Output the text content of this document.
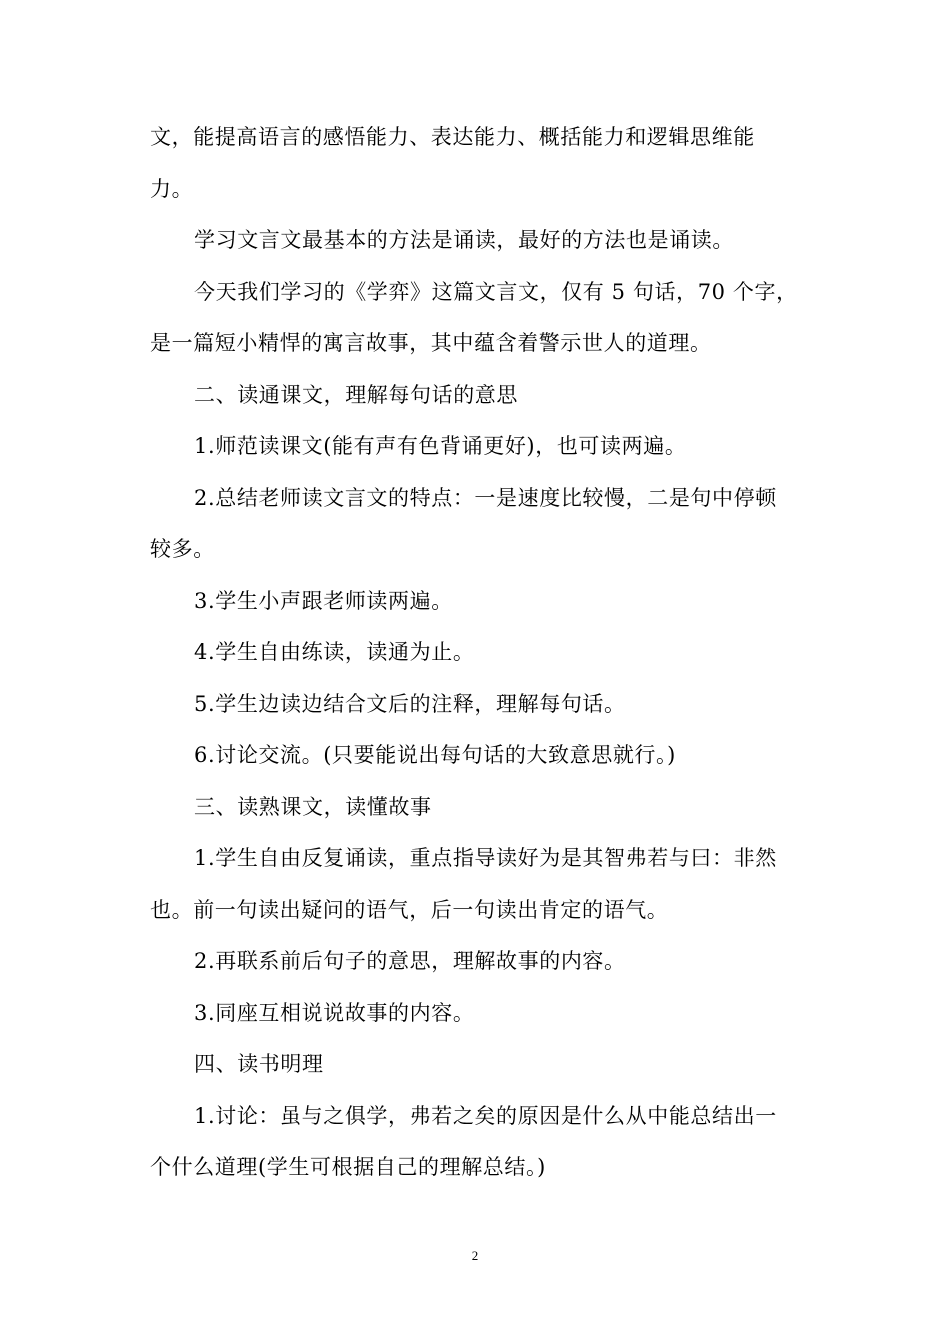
文，能提高语言的感悟能力、表达能力、概括能力和逻辑思维能
力。
学习文言文最基本的方法是诵读，最好的方法也是诵读。
今天我们学习的《学弈》这篇文言文，仅有 5 句话，70 个字，
是一篇短小精悍的寓言故事，其中蕴含着警示世人的道理。
二、读通课文，理解每句话的意思
1.师范读课文(能有声有色背诵更好)，也可读两遍。
2.总结老师读文言文的特点：一是速度比较慢，二是句中停顿
较多。
3.学生小声跟老师读两遍。
4.学生自由练读，读通为止。
5.学生边读边结合文后的注释，理解每句话。
6.讨论交流。(只要能说出每句话的大致意思就行。)
三、读熟课文，读懂故事
1.学生自由反复诵读，重点指导读好为是其智弗若与曰：非然
也。前一句读出疑问的语气，后一句读出肯定的语气。
2.再联系前后句子的意思，理解故事的内容。
3.同座互相说说故事的内容。
四、读书明理
1.讨论：虽与之俱学，弗若之矣的原因是什么从中能总结出一
个什么道理(学生可根据自己的理解总结。)
2
